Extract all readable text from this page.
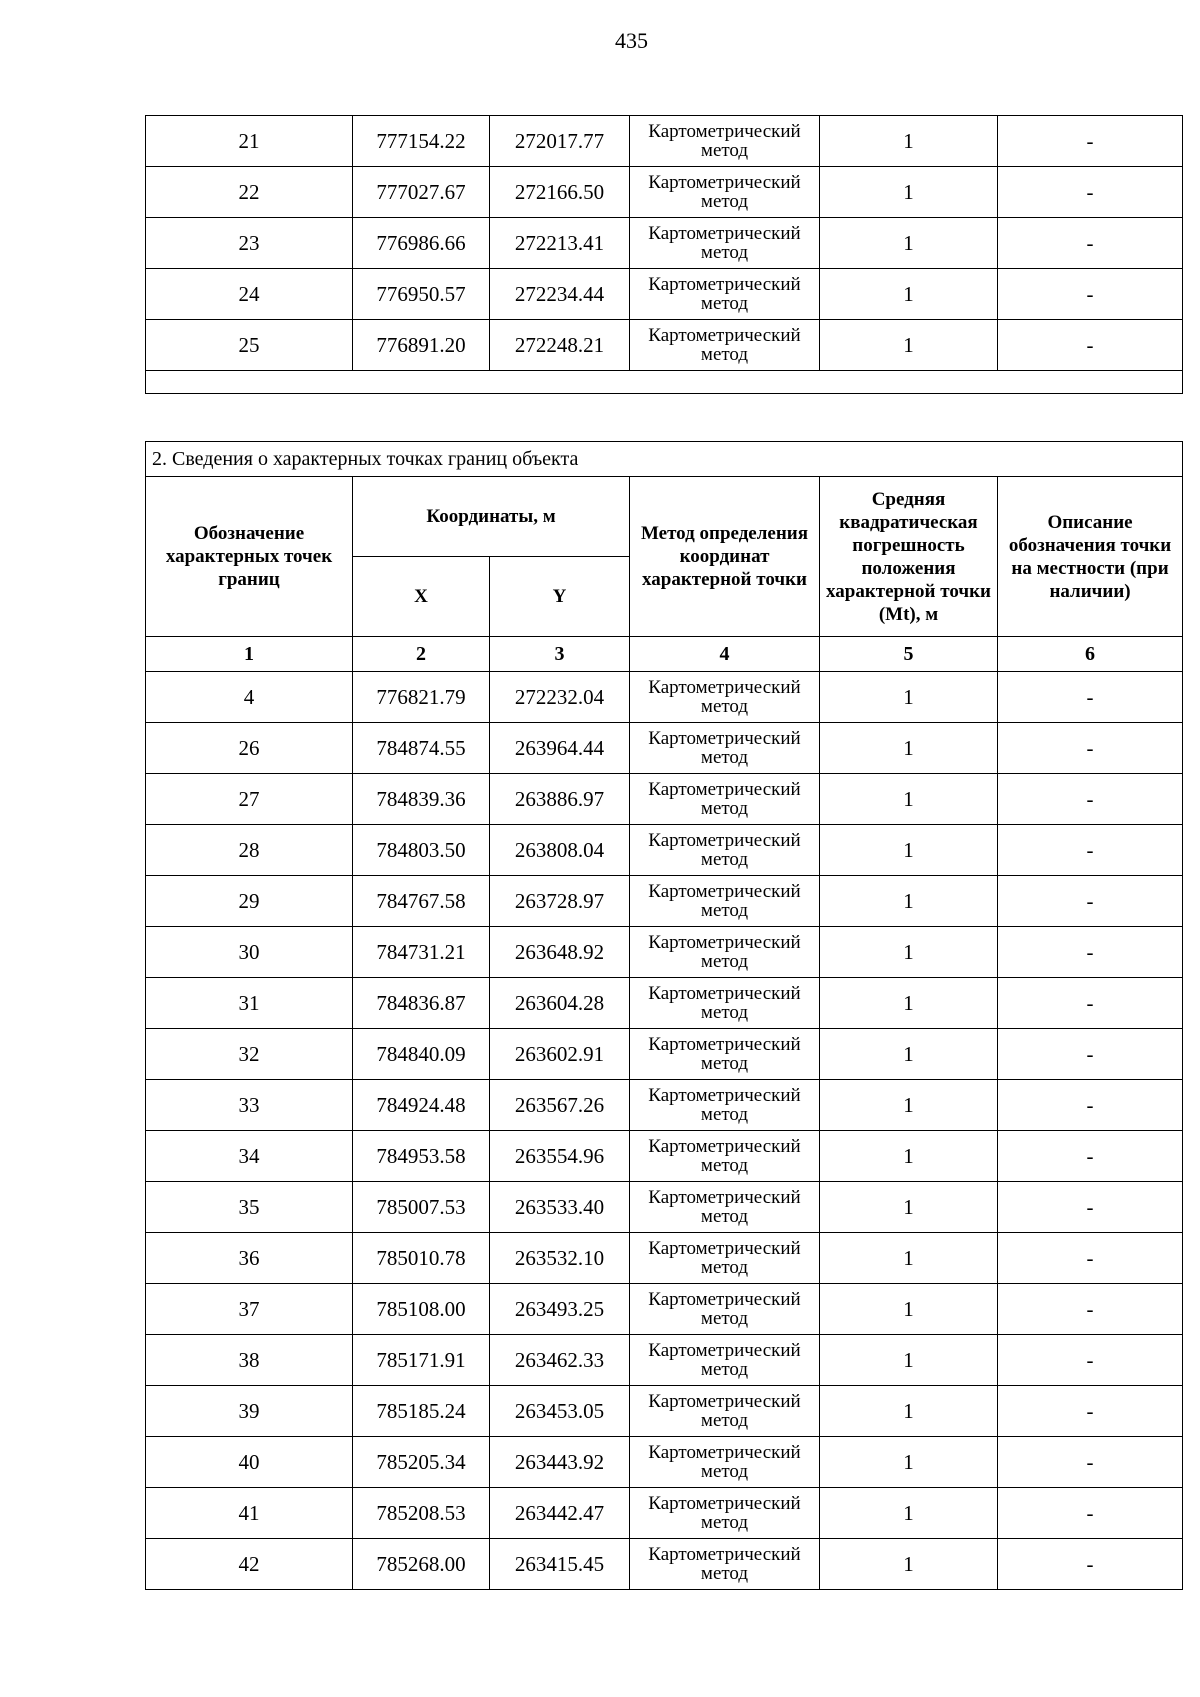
435
21	777154.22	272017.77	Картометрический метод	1	-
22	777027.67	272166.50	Картометрический метод	1	-
23	776986.66	272213.41	Картометрический метод	1	-
24	776950.57	272234.44	Картометрический метод	1	-
25	776891.20	272248.21	Картометрический метод	1	-

2. Сведения о характерных точках границ объекта					
Обозначение характерных точек границ	Координаты, м		Метод определения координат характерной точки	Средняя квадратическая погрешность положения характерной точки (Mt), м	Описание обозначения точки на местности (при наличии)
	X	Y			
1	2	3	4	5	6
4	776821.79	272232.04	Картометрический метод	1	-
26	784874.55	263964.44	Картометрический метод	1	-
27	784839.36	263886.97	Картометрический метод	1	-
28	784803.50	263808.04	Картометрический метод	1	-
29	784767.58	263728.97	Картометрический метод	1	-
30	784731.21	263648.92	Картометрический метод	1	-
31	784836.87	263604.28	Картометрический метод	1	-
32	784840.09	263602.91	Картометрический метод	1	-
33	784924.48	263567.26	Картометрический метод	1	-
34	784953.58	263554.96	Картометрический метод	1	-
35	785007.53	263533.40	Картометрический метод	1	-
36	785010.78	263532.10	Картометрический метод	1	-
37	785108.00	263493.25	Картометрический метод	1	-
38	785171.91	263462.33	Картометрический метод	1	-
39	785185.24	263453.05	Картометрический метод	1	-
40	785205.34	263443.92	Картометрический метод	1	-
41	785208.53	263442.47	Картометрический метод	1	-
42	785268.00	263415.45	Картометрический метод	1	-
